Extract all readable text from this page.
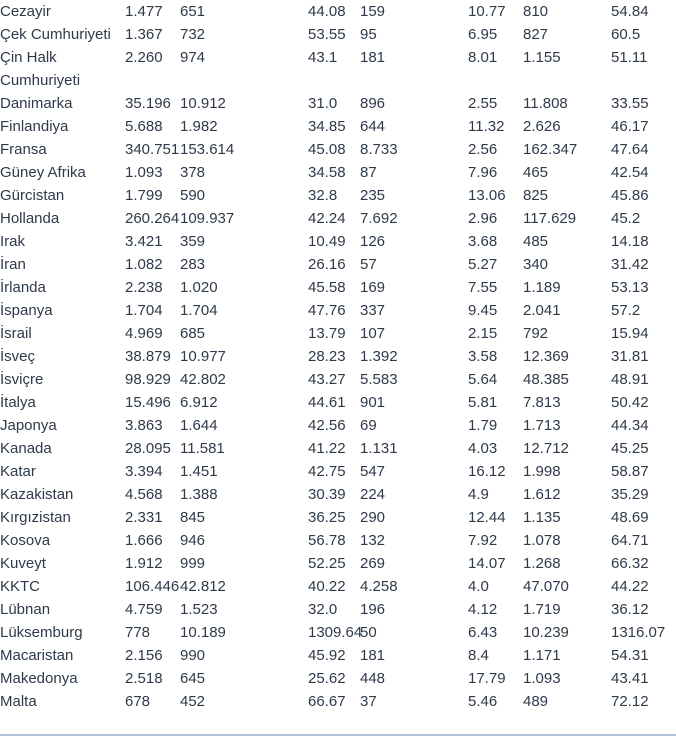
Cezayir	1.477	651	44.08	159	10.77	810	54.84
Çek Cumhuriyeti	1.367	732	53.55	95	6.95	827	60.5
Çin Halk Cumhuriyeti	2.260	974	43.1	181	8.01	1.155	51.11
Danimarka	35.196	10.912	31.0	896	2.55	11.808	33.55
Finlandiya	5.688	1.982	34.85	644	11.32	2.626	46.17
Fransa	340.751	153.614	45.08	8.733	2.56	162.347	47.64
Güney Afrika	1.093	378	34.58	87	7.96	465	42.54
Gürcistan	1.799	590	32.8	235	13.06	825	45.86
Hollanda	260.264	109.937	42.24	7.692	2.96	117.629	45.2
Irak	3.421	359	10.49	126	3.68	485	14.18
İran	1.082	283	26.16	57	5.27	340	31.42
İrlanda	2.238	1.020	45.58	169	7.55	1.189	53.13
İspanya	1.704	1.704	47.76	337	9.45	2.041	57.2
İsrail	4.969	685	13.79	107	2.15	792	15.94
İsveç	38.879	10.977	28.23	1.392	3.58	12.369	31.81
İsviçre	98.929	42.802	43.27	5.583	5.64	48.385	48.91
İtalya	15.496	6.912	44.61	901	5.81	7.813	50.42
Japonya	3.863	1.644	42.56	69	1.79	1.713	44.34
Kanada	28.095	11.581	41.22	1.131	4.03	12.712	45.25
Katar	3.394	1.451	42.75	547	16.12	1.998	58.87
Kazakistan	4.568	1.388	30.39	224	4.9	1.612	35.29
Kırgızistan	2.331	845	36.25	290	12.44	1.135	48.69
Kosova	1.666	946	56.78	132	7.92	1.078	64.71
Kuveyt	1.912	999	52.25	269	14.07	1.268	66.32
KKTC	106.446	42.812	40.22	4.258	4.0	47.070	44.22
Lübnan	4.759	1.523	32.0	196	4.12	1.719	36.12
Lüksemburg	778	10.189	1309.64	50	6.43	10.239	1316.07
Macaristan	2.156	990	45.92	181	8.4	1.171	54.31
Makedonya	2.518	645	25.62	448	17.79	1.093	43.41
Malta	678	452	66.67	37	5.46	489	72.12
